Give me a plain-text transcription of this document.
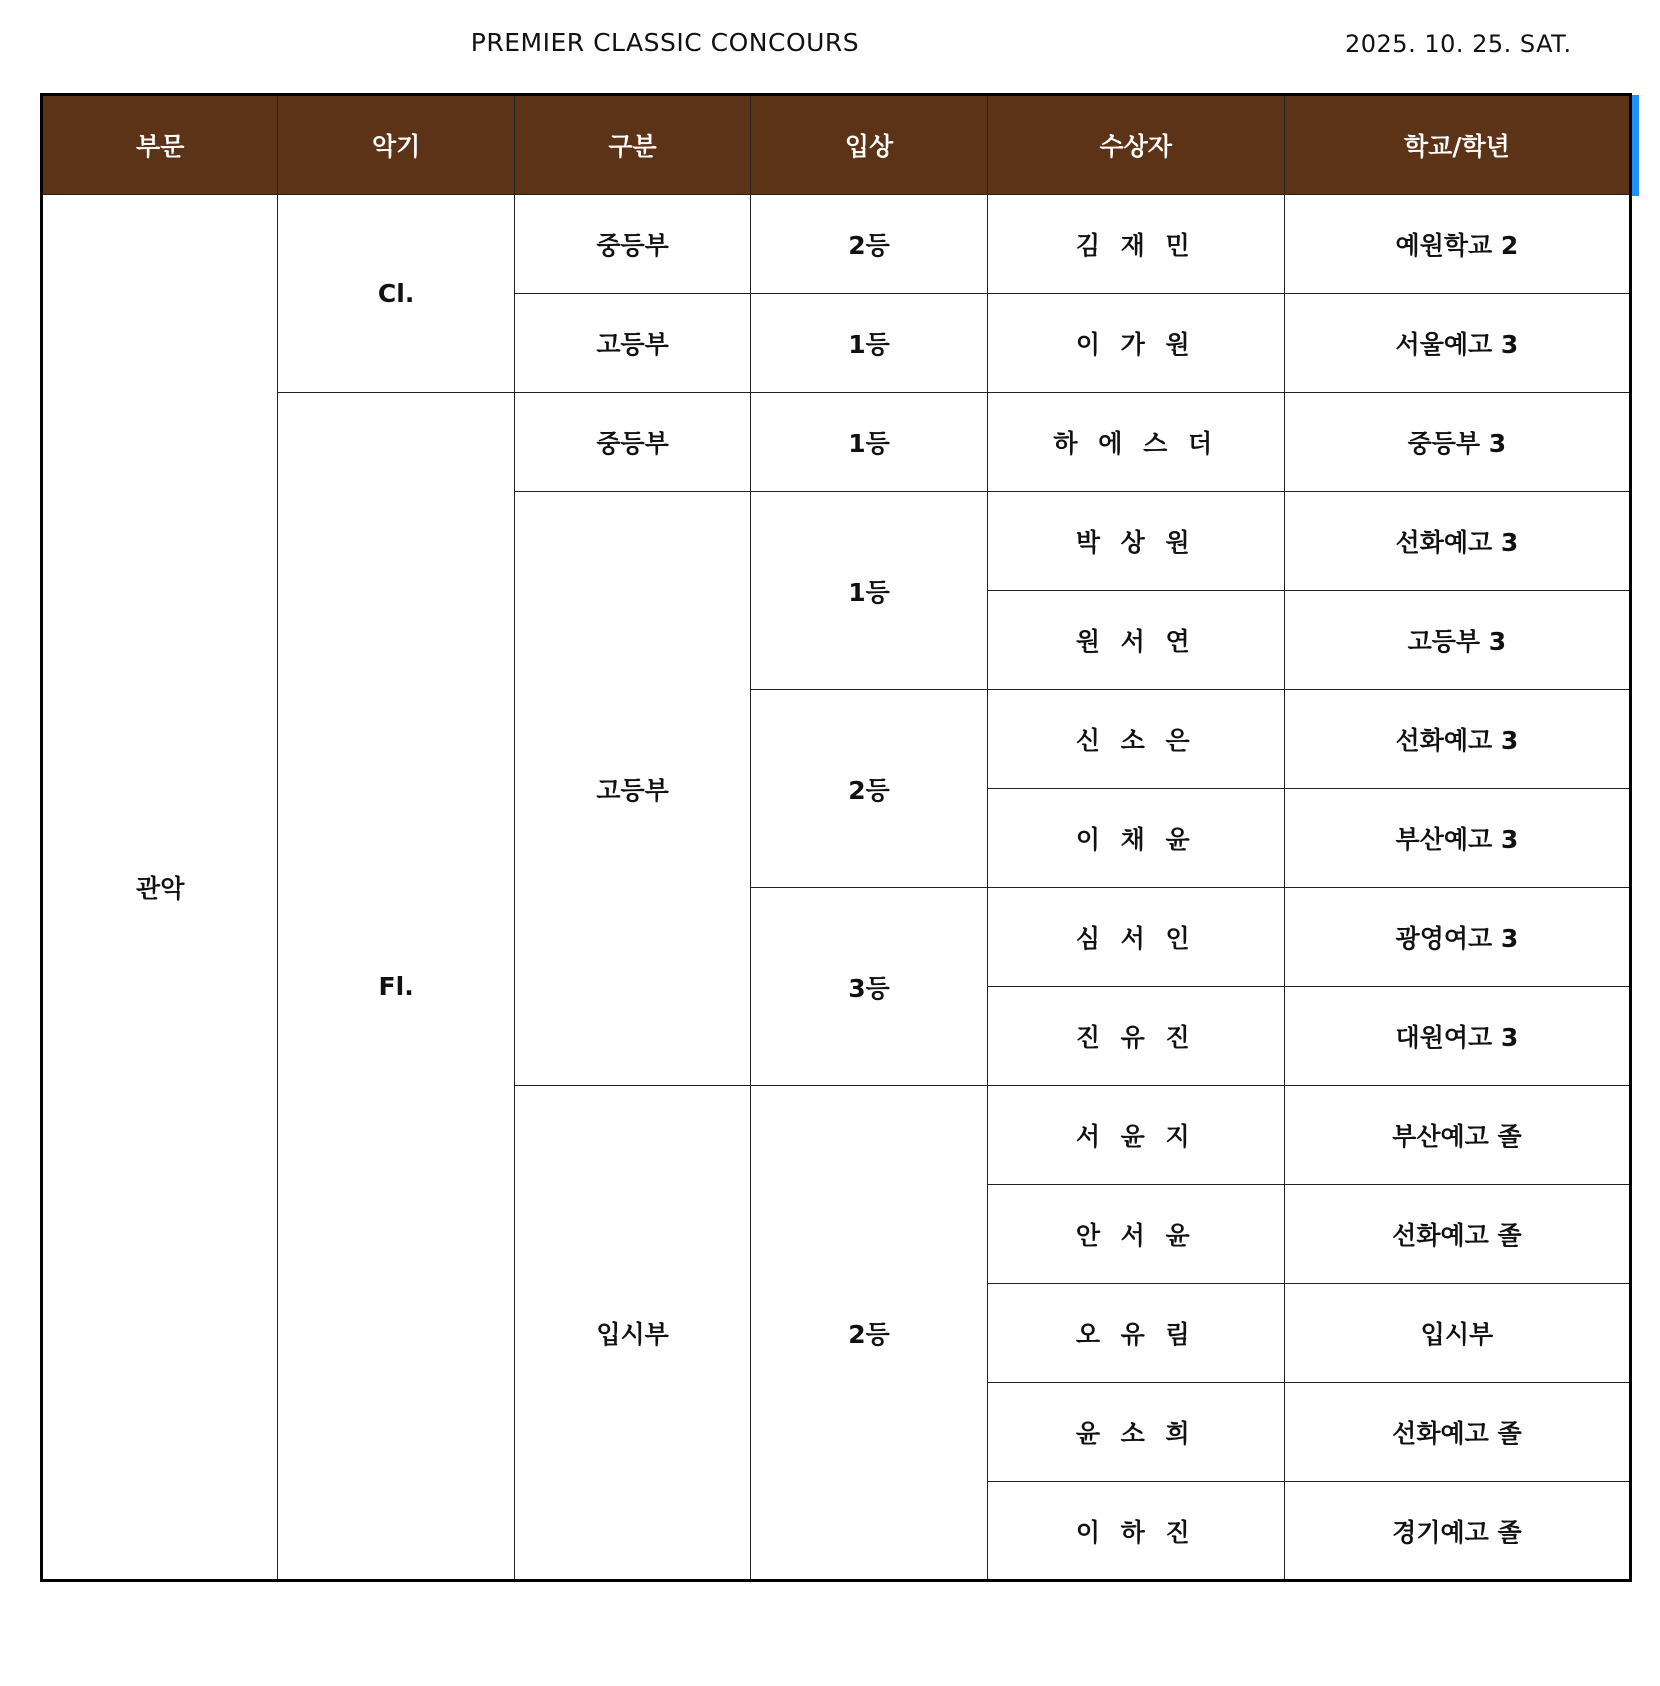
PREMIER CLASSIC CONCOURS	2025. 10. 25. SAT.
부문	악기	구분	입상	수상자	학교/학년
관악	Cl.	중등부	2등	김 재 민	예원학교 2
		고등부	1등	이 가 원	서울예고 3
	Fl.	중등부	1등	하 에 스 더	중등부 3
		고등부	1등	박 상 원	선화예고 3
				원 서 연	고등부 3
			2등	신 소 은	선화예고 3
				이 채 윤	부산예고 3
			3등	심 서 인	광영여고 3
				진 유 진	대원여고 3
		입시부	2등	서 윤 지	부산예고 졸
				안 서 윤	선화예고 졸
				오 유 림	입시부
				윤 소 희	선화예고 졸
				이 하 진	경기예고 졸
